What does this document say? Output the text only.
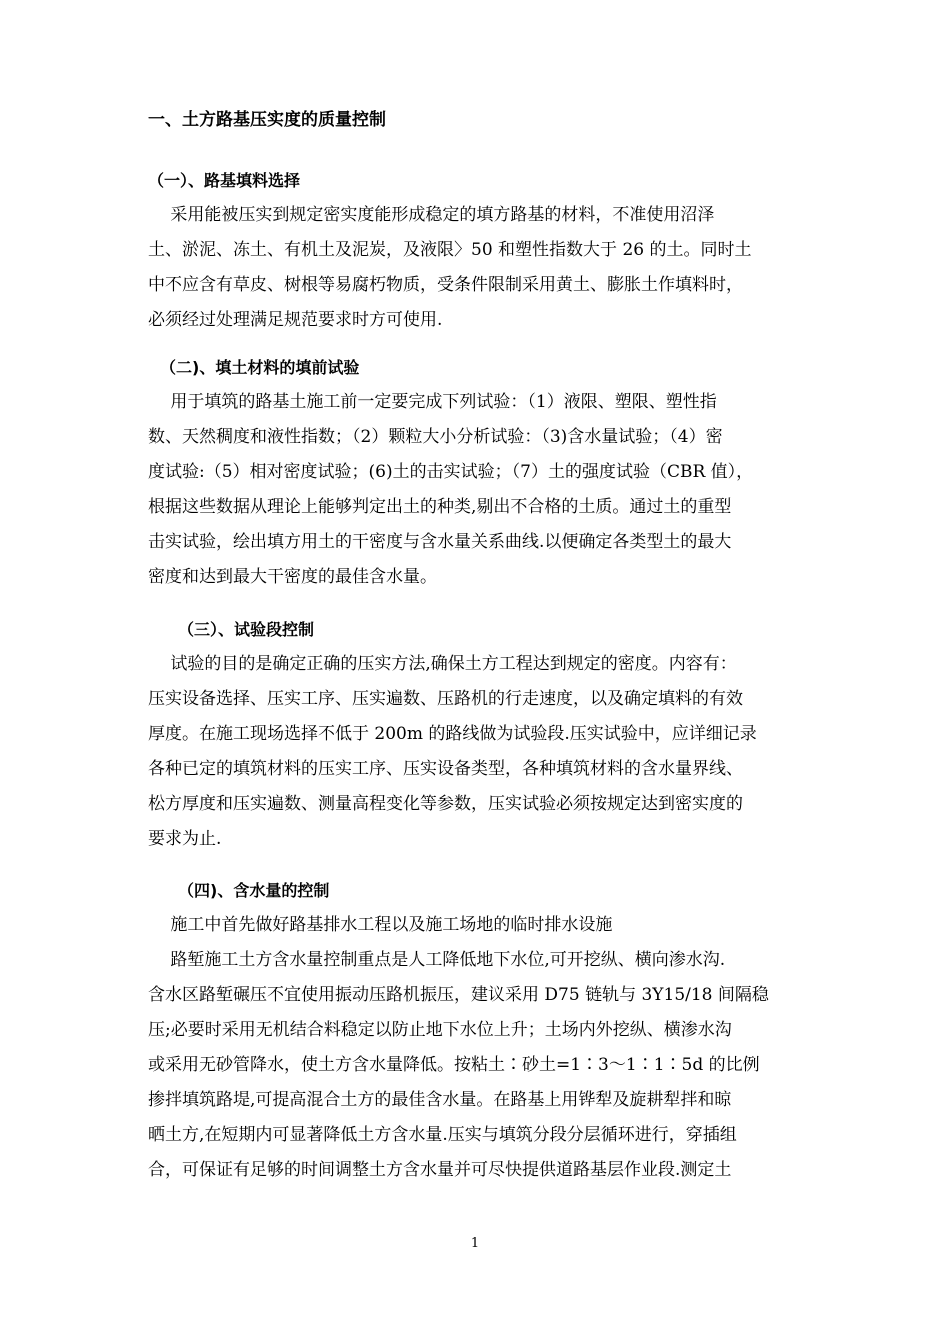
一、土方路基压实度的质量控制
（一）、路基填料选择
　 采用能被压实到规定密实度能形成稳定的填方路基的材料，不准使用沼泽
土、淤泥、冻土、有机土及泥炭，及液限〉50 和塑性指数大于 26 的土。同时土
中不应含有草皮、树根等易腐朽物质，受条件限制采用黄土、膨胀土作填料时，
必须经过处理满足规范要求时方可使用.
（二)、填土材料的填前试验
　 用于填筑的路基土施工前一定要完成下列试验：（1）液限、塑限、塑性指
数、天然稠度和液性指数；（2）颗粒大小分析试验：（3)含水量试验；（4）密
度试验:（5）相对密度试验；(6)土的击实试验；（7）土的强度试验（CBR 值），
根据这些数据从理论上能够判定出土的种类,剔出不合格的土质。通过土的重型
击实试验，绘出填方用土的干密度与含水量关系曲线.以便确定各类型土的最大
密度和达到最大干密度的最佳含水量。
（三）、试验段控制
　 试验的目的是确定正确的压实方法,确保土方工程达到规定的密度。内容有：
压实设备选择、压实工序、压实遍数、压路机的行走速度，以及确定填料的有效
厚度。在施工现场选择不低于 200m 的路线做为试验段.压实试验中，应详细记录
各种已定的填筑材料的压实工序、压实设备类型，各种填筑材料的含水量界线、
松方厚度和压实遍数、测量高程变化等参数，压实试验必须按规定达到密实度的
要求为止.
（四)、含水量的控制
　 施工中首先做好路基排水工程以及施工场地的临时排水设施
　 路堑施工土方含水量控制重点是人工降低地下水位,可开挖纵、横向渗水沟.
含水区路堑碾压不宜使用振动压路机振压，建议采用 D75 链轨与 3Y15/18 间隔稳
压;必要时采用无机结合料稳定以防止地下水位上升；土场内外挖纵、横渗水沟
或采用无砂管降水，使土方含水量降低。按粘土∶砂土=1∶3～1∶1∶5d 的比例
掺拌填筑路堤,可提高混合土方的最佳含水量。在路基上用铧犁及旋耕犁拌和晾
晒土方,在短期内可显著降低土方含水量.压实与填筑分段分层循环进行，穿插组
合，可保证有足够的时间调整土方含水量并可尽快提供道路基层作业段.测定土
1
